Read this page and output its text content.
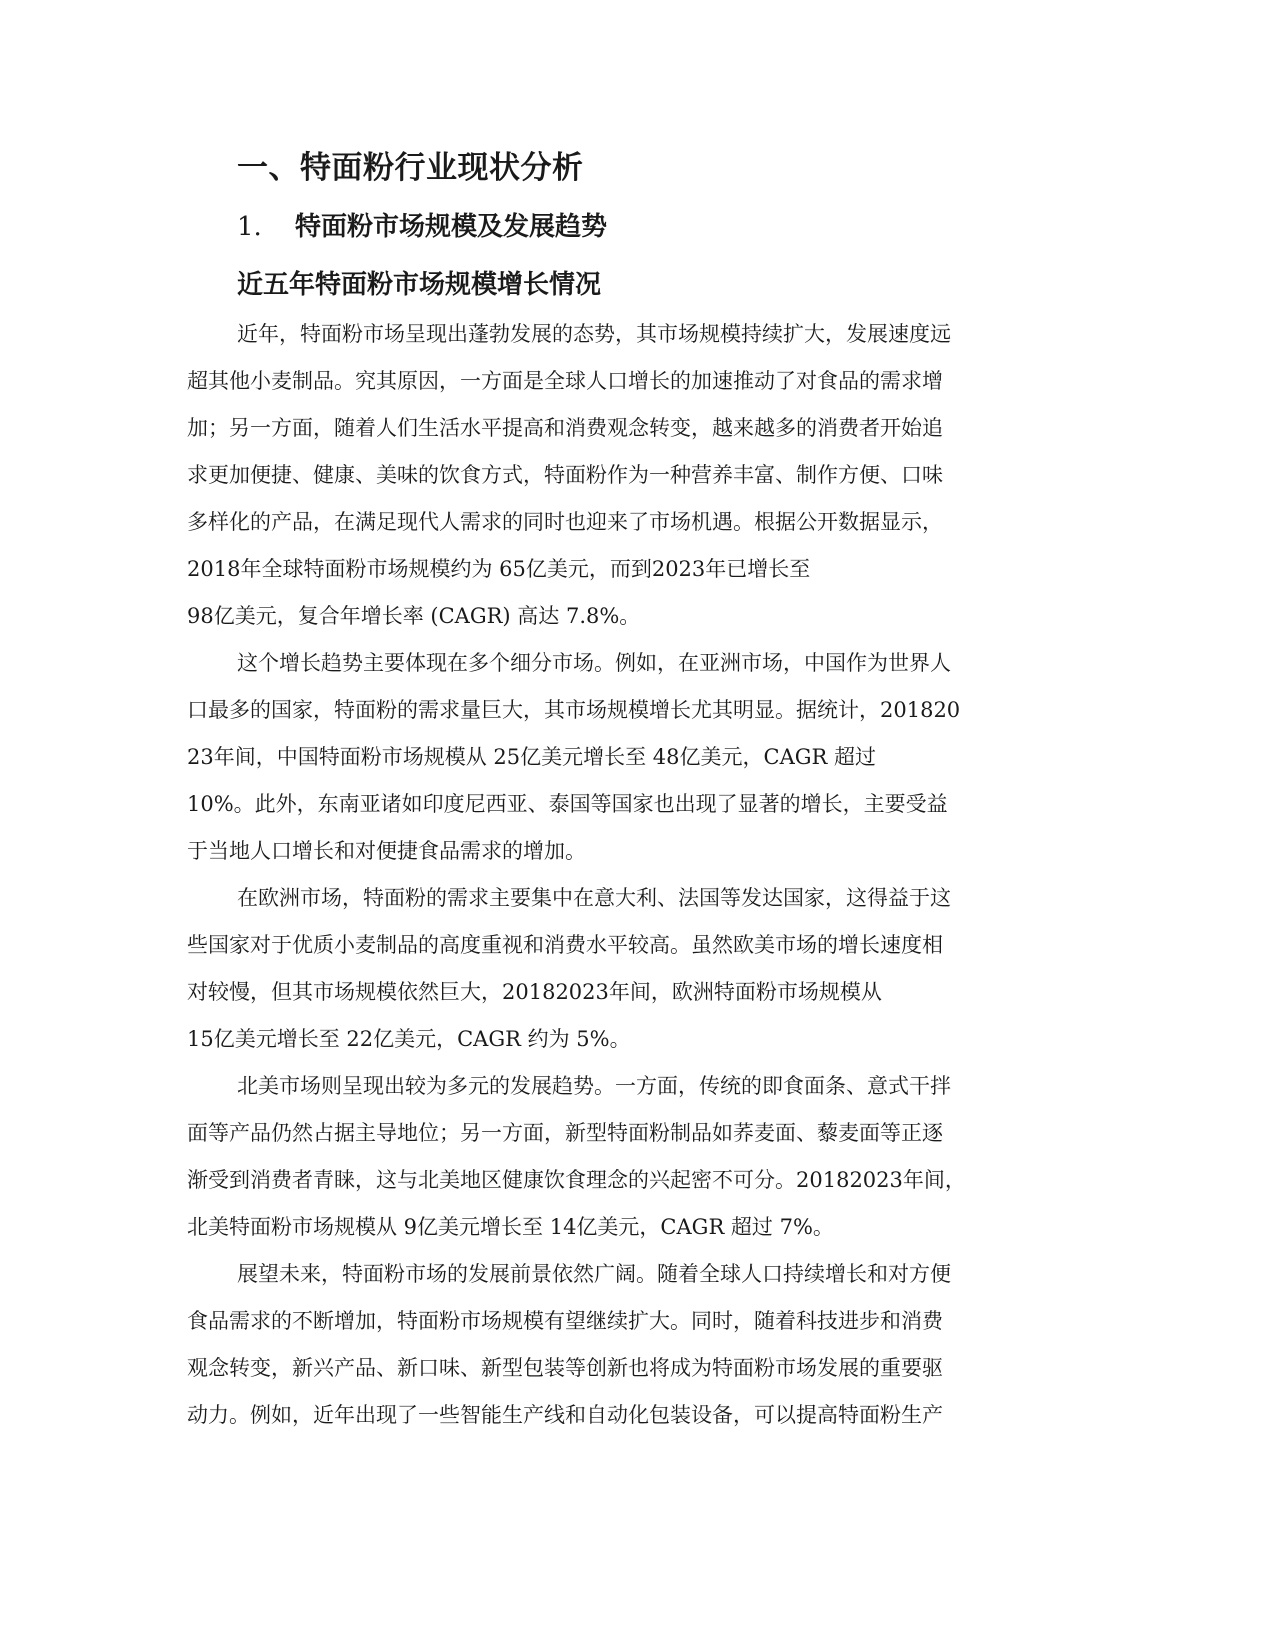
一、特面粉行业现状分析
1. 特面粉市场规模及发展趋势
近五年特面粉市场规模增长情况

近年，特面粉市场呈现出蓬勃发展的态势，其市场规模持续扩大，发展速度远
超其他小麦制品。究其原因，一方面是全球人口增长的加速推动了对食品的需求增
加；另一方面，随着人们生活水平提高和消费观念转变，越来越多的消费者开始追
求更加便捷、健康、美味的饮食方式，特面粉作为一种营养丰富、制作方便、口味
多样化的产品，在满足现代人需求的同时也迎来了市场机遇。根据公开数据显示，
2018年全球特面粉市场规模约为 65亿美元，而到2023年已增长至
98亿美元，复合年增长率 (CAGR) 高达 7.8%。

这个增长趋势主要体现在多个细分市场。例如，在亚洲市场，中国作为世界人
口最多的国家，特面粉的需求量巨大，其市场规模增长尤其明显。据统计，201820
23年间，中国特面粉市场规模从 25亿美元增长至 48亿美元，CAGR 超过
10%。此外，东南亚诸如印度尼西亚、泰国等国家也出现了显著的增长，主要受益
于当地人口增长和对便捷食品需求的增加。

在欧洲市场，特面粉的需求主要集中在意大利、法国等发达国家，这得益于这
些国家对于优质小麦制品的高度重视和消费水平较高。虽然欧美市场的增长速度相
对较慢，但其市场规模依然巨大，20182023年间，欧洲特面粉市场规模从
15亿美元增长至 22亿美元，CAGR 约为 5%。

北美市场则呈现出较为多元的发展趋势。一方面，传统的即食面条、意式干拌
面等产品仍然占据主导地位；另一方面，新型特面粉制品如荞麦面、藜麦面等正逐
渐受到消费者青睐，这与北美地区健康饮食理念的兴起密不可分。20182023年间，
北美特面粉市场规模从 9亿美元增长至 14亿美元，CAGR 超过 7%。

展望未来，特面粉市场的发展前景依然广阔。随着全球人口持续增长和对方便
食品需求的不断增加，特面粉市场规模有望继续扩大。同时，随着科技进步和消费
观念转变，新兴产品、新口味、新型包装等创新也将成为特面粉市场发展的重要驱
动力。例如，近年出现了一些智能生产线和自动化包装设备，可以提高特面粉生产
